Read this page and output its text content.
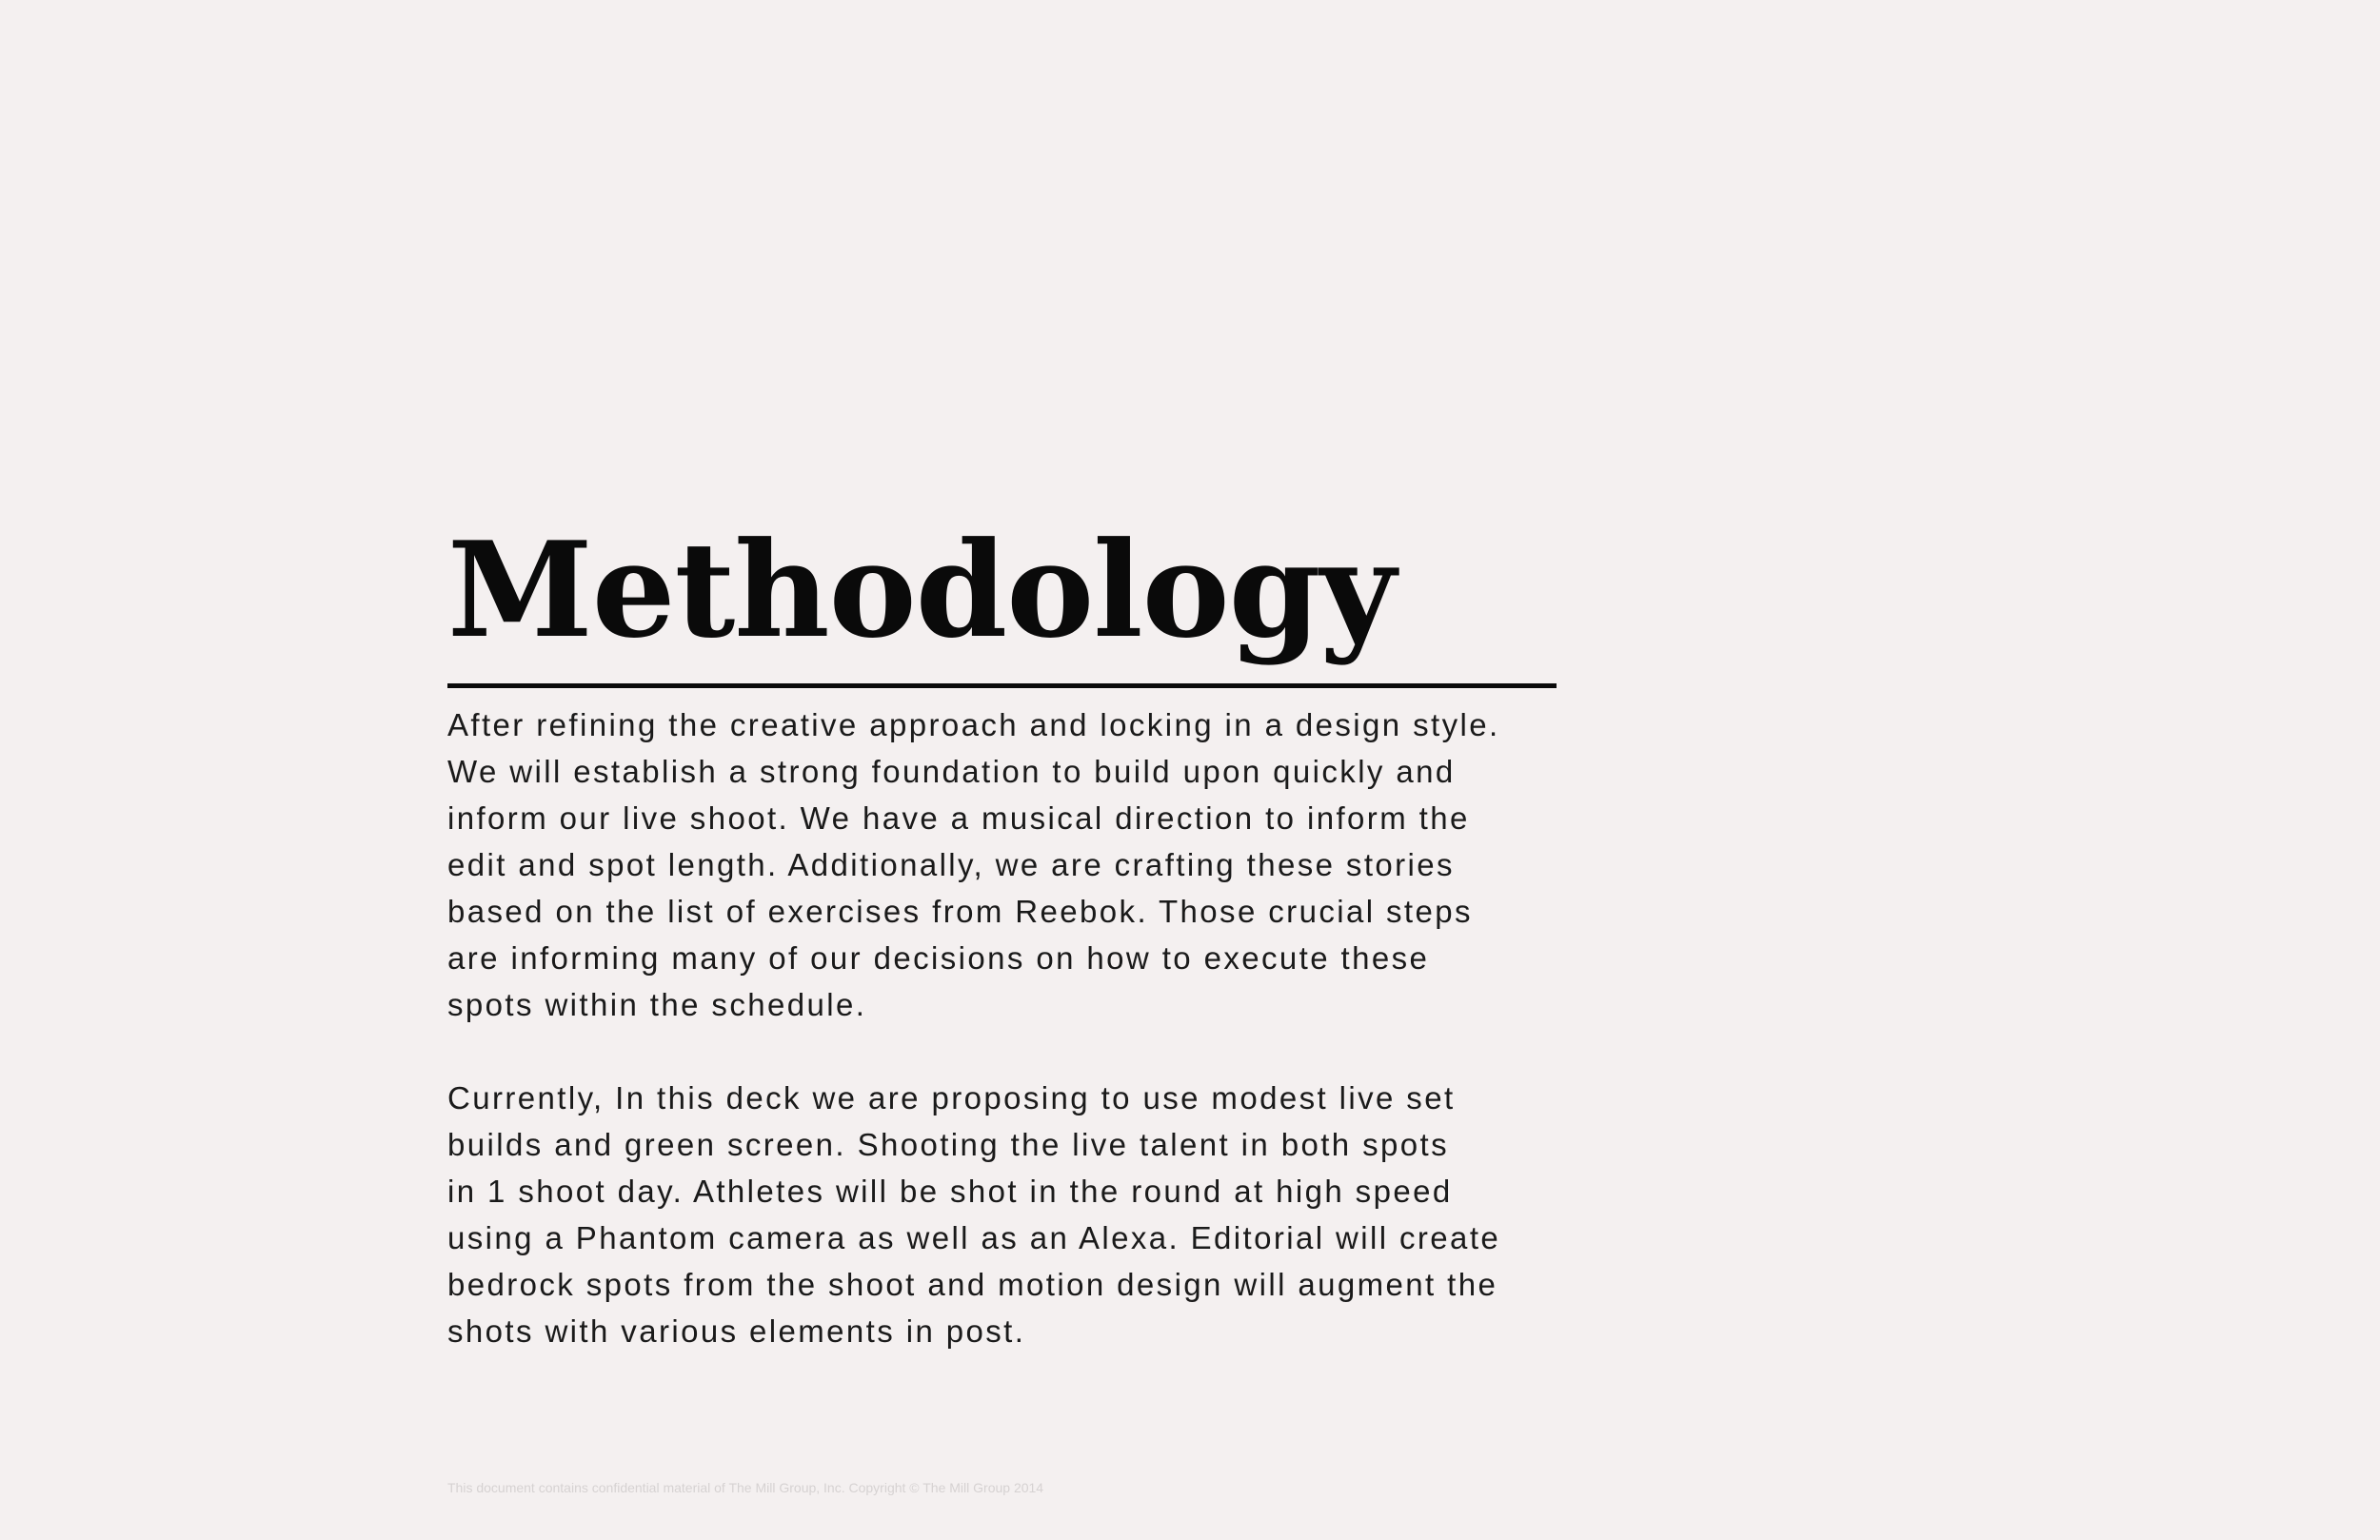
Methodology

After refining the creative approach and locking in a design style.
We will establish a strong foundation to build upon quickly and
inform our live shoot. We have a musical direction to inform the
edit and spot length. Additionally, we are crafting these stories
based on the list of exercises from Reebok. Those crucial steps
are informing many of our decisions on how to execute these
spots within the schedule.

Currently, In this deck we are proposing to use modest live set
builds and green screen. Shooting the live talent in both spots
in 1 shoot day. Athletes will be shot in the round at high speed
using a Phantom camera as well as an Alexa. Editorial will create
bedrock spots from the shoot and motion design will augment the
shots with various elements in post.

This document contains confidential material of The Mill Group, Inc. Copyright © The Mill Group 2014
